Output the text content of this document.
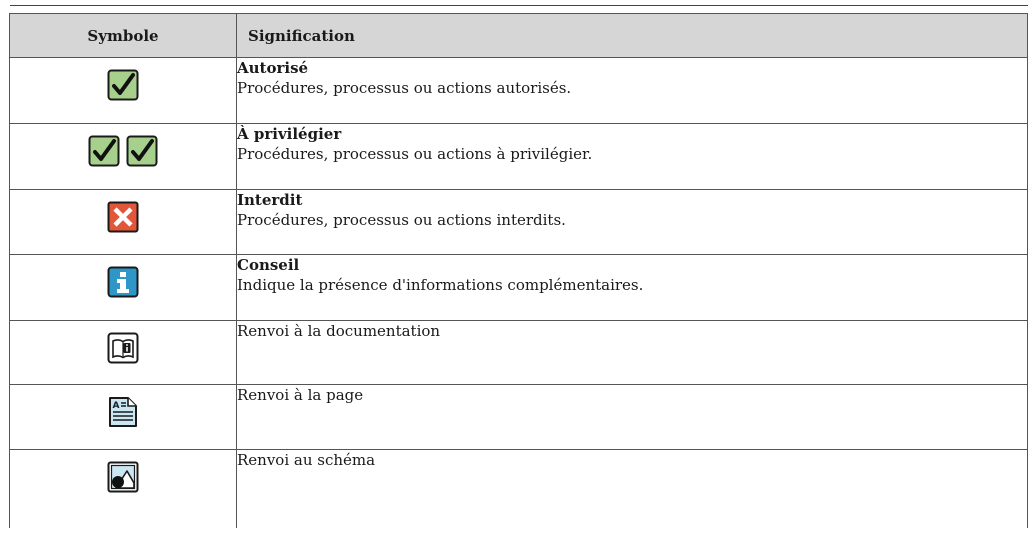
Symbole	Signification

Autorisé
Procédures, processus ou actions autorisés.

À privilégier
Procédures, processus ou actions à privilégier.

Interdit
Procédures, processus ou actions interdits.

Conseil
Indique la présence d'informations complémentaires.

Renvoi à la documentation

A	Renvoi à la page

Renvoi au schéma
